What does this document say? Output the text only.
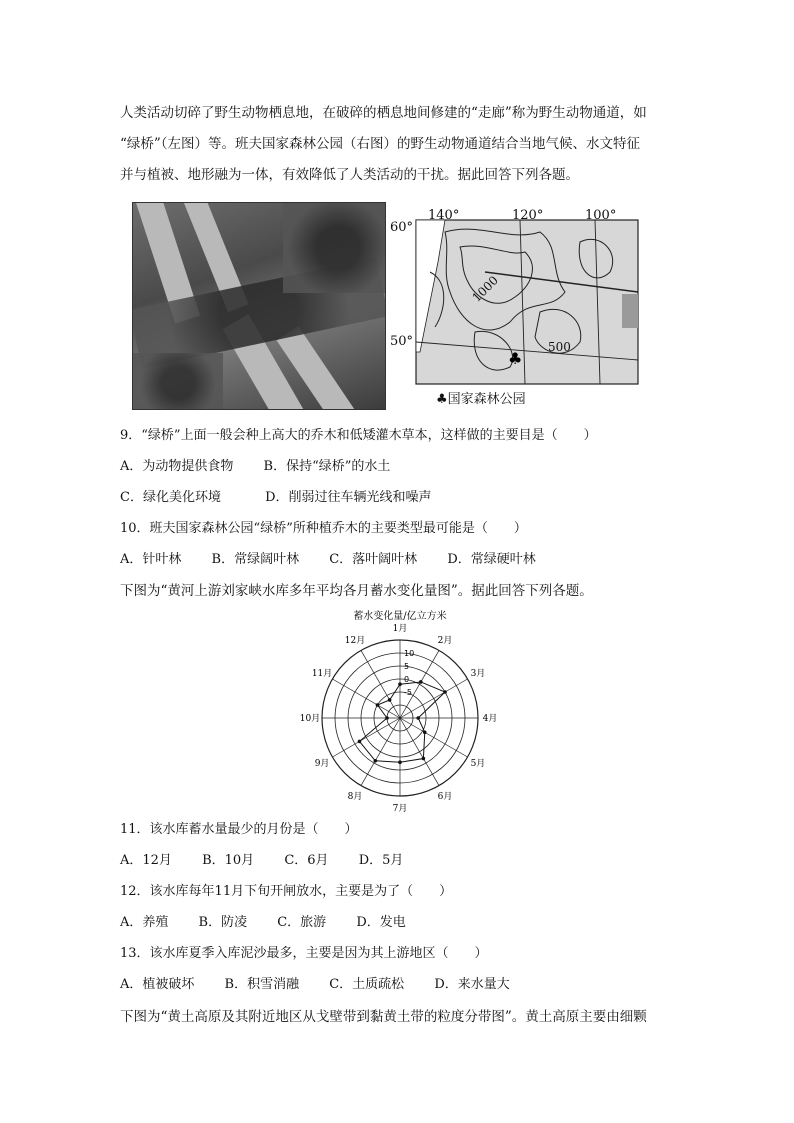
人类活动切碎了野生动物栖息地，在破碎的栖息地间修建的“走廊”称为野生动物通道，如
“绿桥”（左图）等。班夫国家森林公园（右图）的野生动物通道结合当地气候、水文特征
并与植被、地形融为一体，有效降低了人类活动的干扰。据此回答下列各题。
♣
140°	120°	100°
60°
50°
1000
500
♣国家森林公园
9．“绿桥”上面一般会种上高大的乔木和低矮灌木草本，这样做的主要目是（　　）
A．为动物提供食物 B．保持“绿桥”的水土
C．绿化美化环境	D．削弱过往车辆光线和噪声
10．班夫国家森林公园“绿桥”所种植乔木的主要类型最可能是（　　）
A．针叶林 B．常绿阔叶林 C．落叶阔叶林 D．常绿硬叶林
下图为“黄河上游刘家峡水库多年平均各月蓄水变化量图”。据此回答下列各题。
蓄水变化量/亿立方米
-5
0
5
10
1月
2月
3月
4月
5月
6月
7月
8月
9月
10月
11月
12月
11．该水库蓄水量最少的月份是（　　）
A．12月 B．10月 C．6月 D．5月
12．该水库每年11月下旬开闸放水，主要是为了（　　）
A．养殖 B．防凌 C．旅游 D．发电
13．该水库夏季入库泥沙最多，主要是因为其上游地区（　　）
A．植被破坏 B．积雪消融 C．土质疏松 D．来水量大
下图为“黄土高原及其附近地区从戈壁带到黏黄土带的粒度分带图”。黄土高原主要由细颗
